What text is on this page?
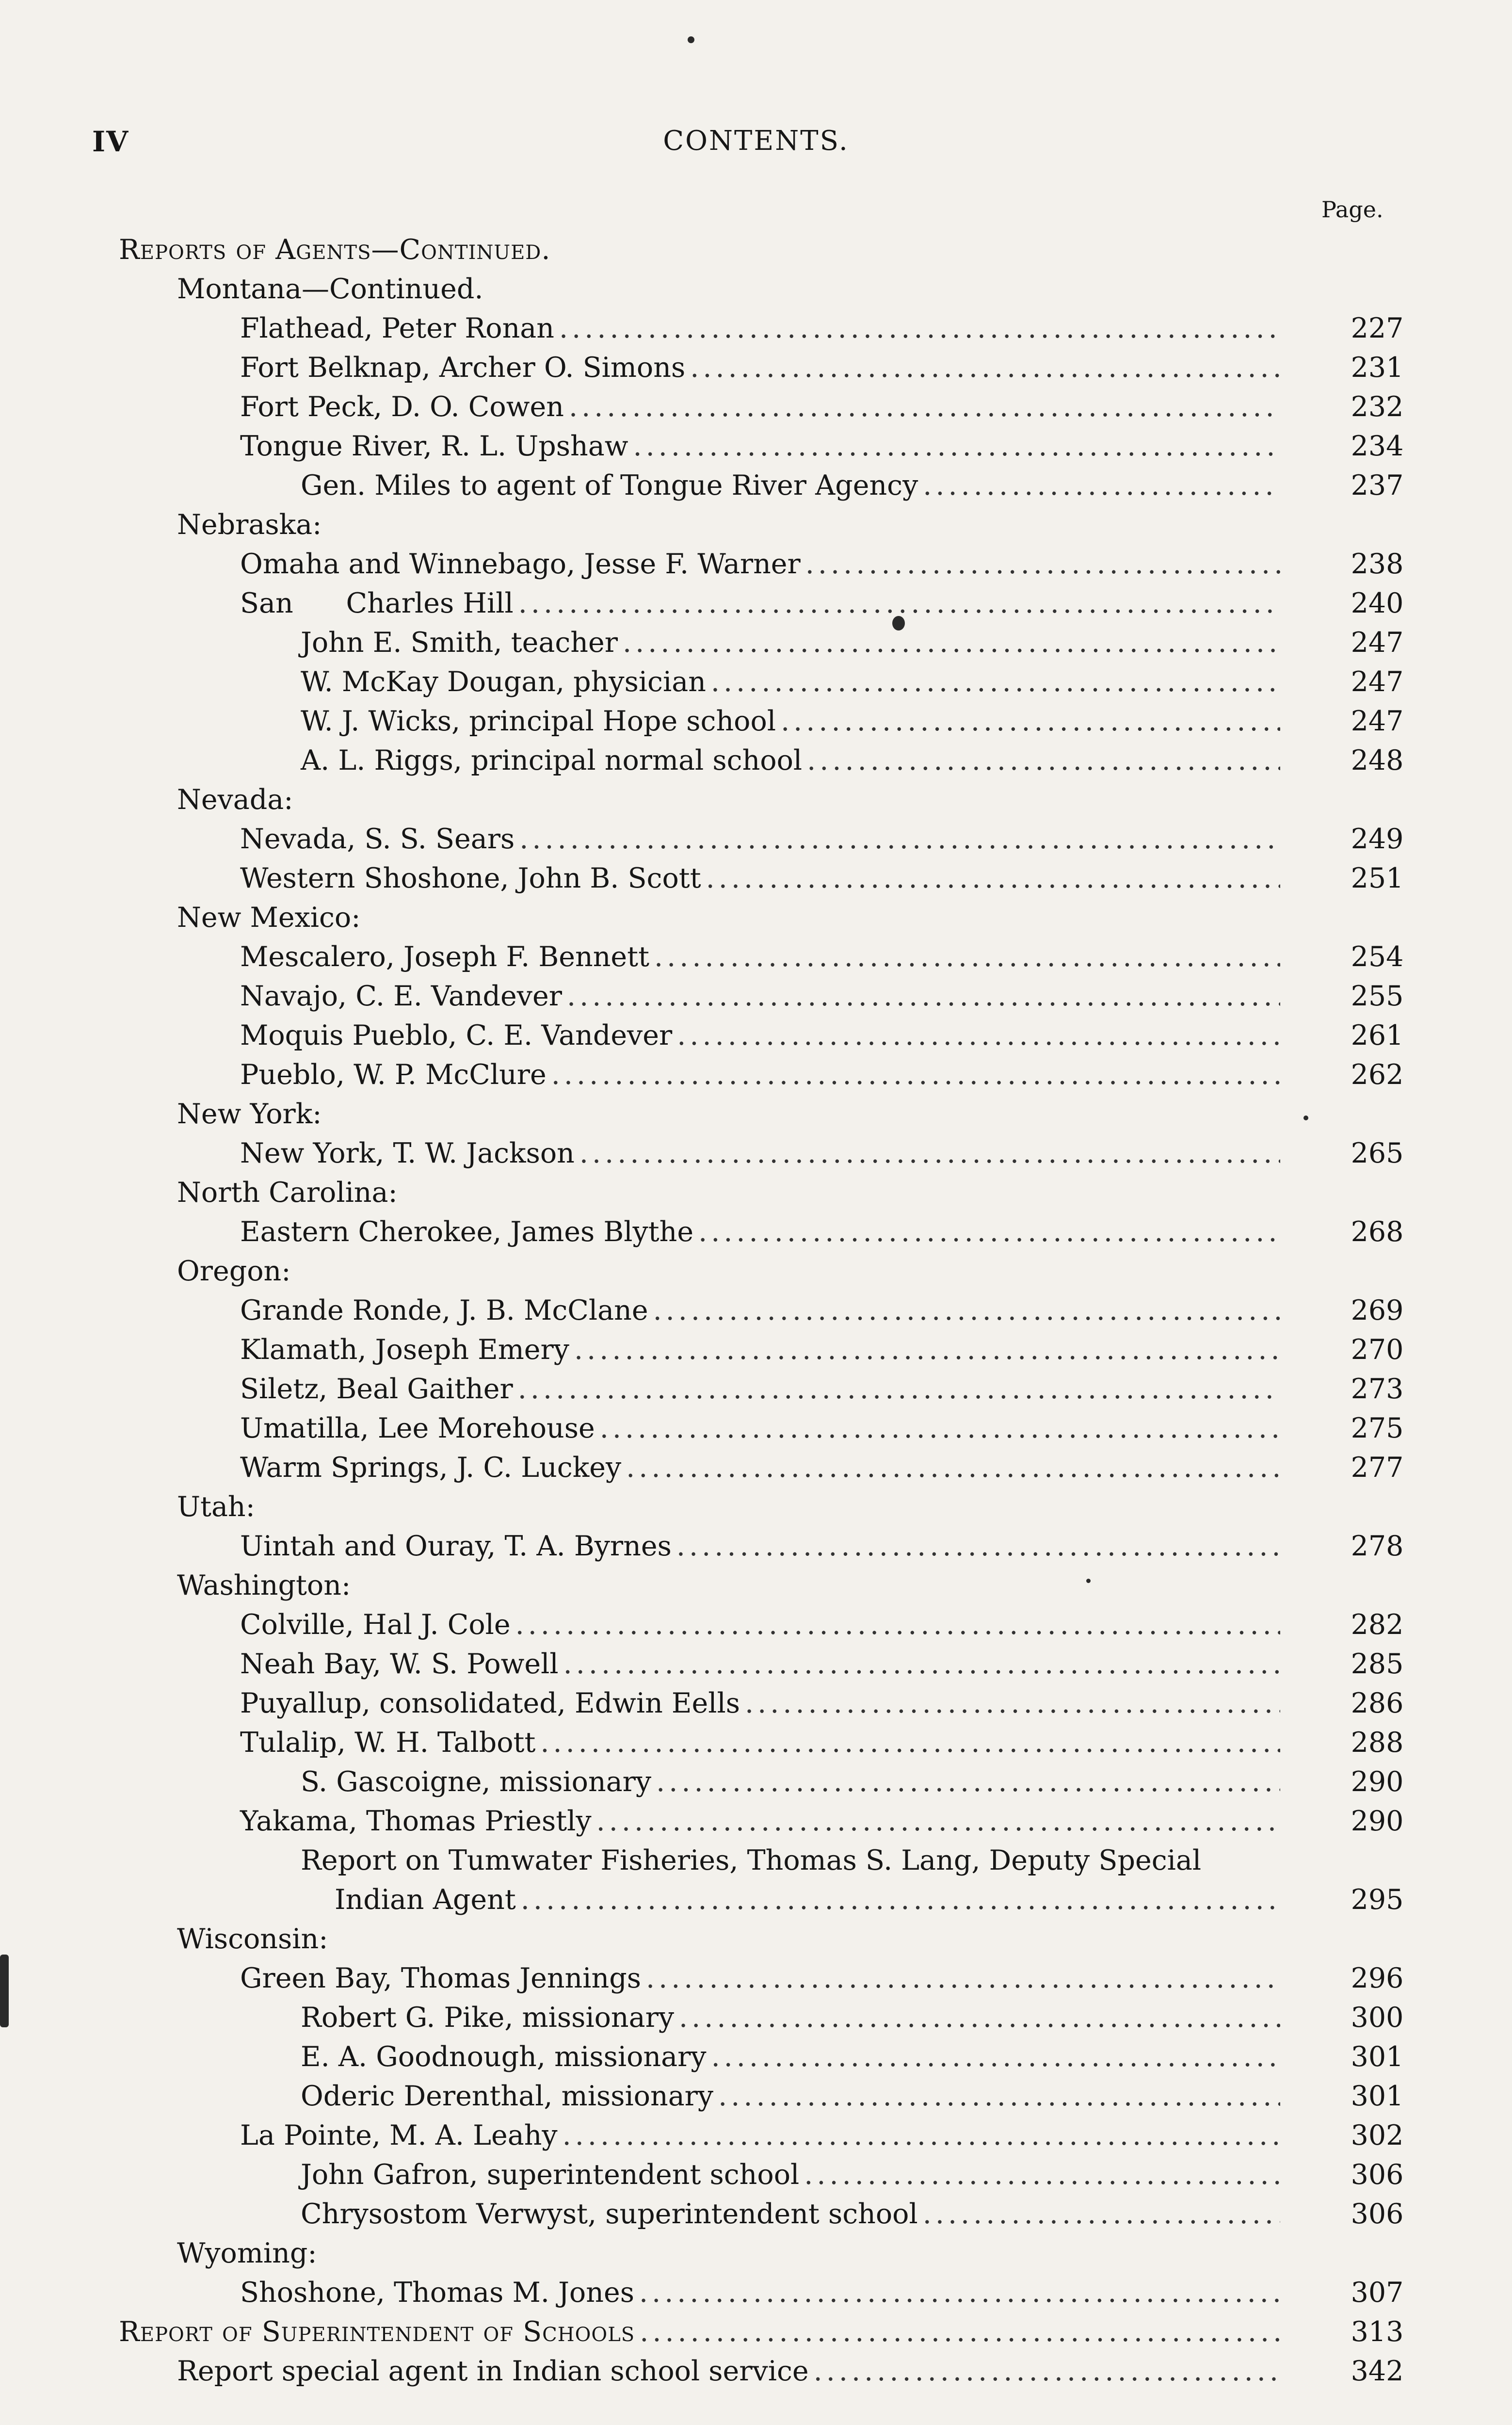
IV	CONTENTS.
Page.
Reports of Agents—Continued.
Montana—Continued.
Flathead, Peter Ronan .....	227
Fort Belknap, Archer O. Simons .....	231
Fort Peck, D. O. Cowen .....	232
Tongue River, R. L. Upshaw .....	234
Gen. Miles to agent of Tongue River Agency .....	237
Nebraska:
Omaha and Winnebago, Jesse F. Warner .....	238
San      Charles Hill .....	240
John E. Smith, teacher .....	247
W. McKay Dougan, physician .....	247
W. J. Wicks, principal Hope school .....	247
A. L. Riggs, principal normal school .....	248
Nevada:
Nevada, S. S. Sears .....	249
Western Shoshone, John B. Scott .....	251
New Mexico:
Mescalero, Joseph F. Bennett .....	254
Navajo, C. E. Vandever .....	255
Moquis Pueblo, C. E. Vandever .....	261
Pueblo, W. P. McClure .....	262
New York:
New York, T. W. Jackson .....	265
North Carolina:
Eastern Cherokee, James Blythe .....	268
Oregon:
Grande Ronde, J. B. McClane .....	269
Klamath, Joseph Emery .....	270
Siletz, Beal Gaither .....	273
Umatilla, Lee Morehouse .....	275
Warm Springs, J. C. Luckey .....	277
Utah:
Uintah and Ouray, T. A. Byrnes .....	278
Washington:
Colville, Hal J. Cole .....	282
Neah Bay, W. S. Powell .....	285
Puyallup, consolidated, Edwin Eells .....	286
Tulalip, W. H. Talbott .....	288
S. Gascoigne, missionary .....	290
Yakama, Thomas Priestly .....	290
Report on Tumwater Fisheries, Thomas S. Lang, Deputy Special
Indian Agent .....	295
Wisconsin:
Green Bay, Thomas Jennings .....	296
Robert G. Pike, missionary .....	300
E. A. Goodnough, missionary .....	301
Oderic Derenthal, missionary .....	301
La Pointe, M. A. Leahy .....	302
John Gafron, superintendent school .....	306
Chrysostom Verwyst, superintendent school .....	306
Wyoming:
Shoshone, Thomas M. Jones .....	307
Report of Superintendent of Schools .....	313
Report special agent in Indian school service .....	342
